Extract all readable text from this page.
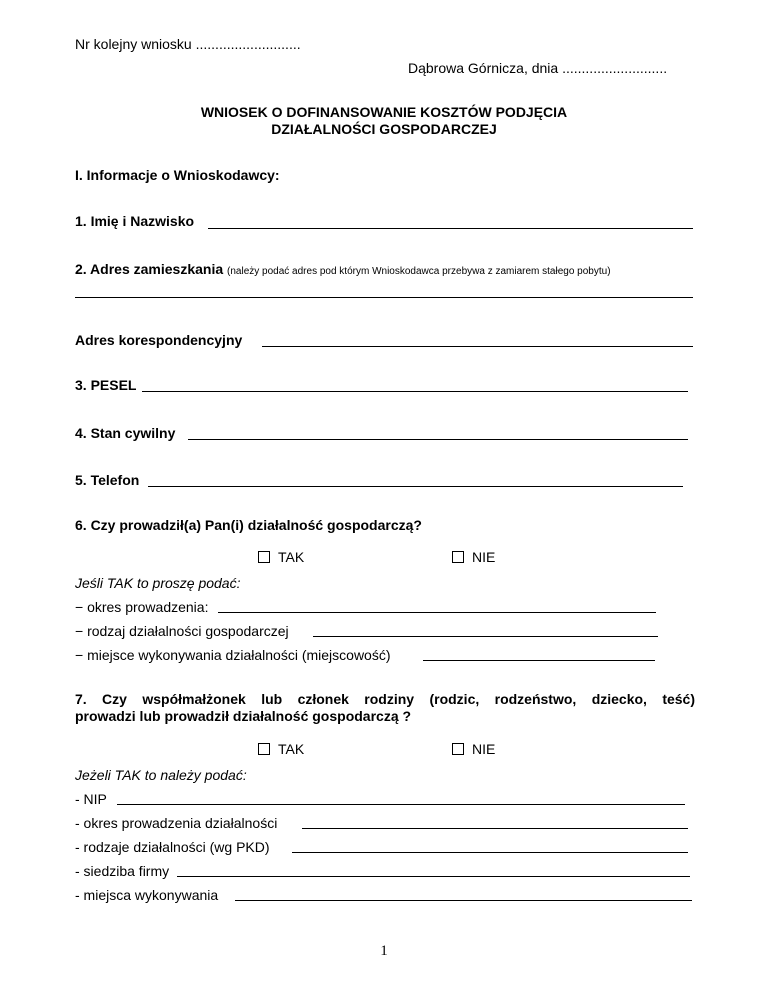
Nr kolejny wniosku ...........................
Dąbrowa Górnicza, dnia ...........................
WNIOSEK O DOFINANSOWANIE KOSZTÓW PODJĘCIA
DZIAŁALNOŚCI GOSPODARCZEJ
I. Informacje o Wnioskodawcy:
1. Imię i Nazwisko
2. Adres zamieszkania (należy podać adres pod którym Wnioskodawca przebywa z zamiarem stałego pobytu)
Adres korespondencyjny
3. PESEL
4. Stan cywilny
5. Telefon
6. Czy prowadził(a) Pan(i) działalność gospodarczą?
TAK	NIE
Jeśli TAK to proszę podać:
− okres prowadzenia:
− rodzaj działalności gospodarczej
− miejsce wykonywania działalności (miejscowość)
7. Czy współmałżonek lub członek rodziny (rodzic, rodzeństwo, dziecko, teść)
prowadzi lub prowadził działalność gospodarczą ?
TAK	NIE
Jeżeli TAK to należy podać:
- NIP
- okres prowadzenia działalności
- rodzaje działalności (wg PKD)
- siedziba firmy
- miejsca wykonywania
1
